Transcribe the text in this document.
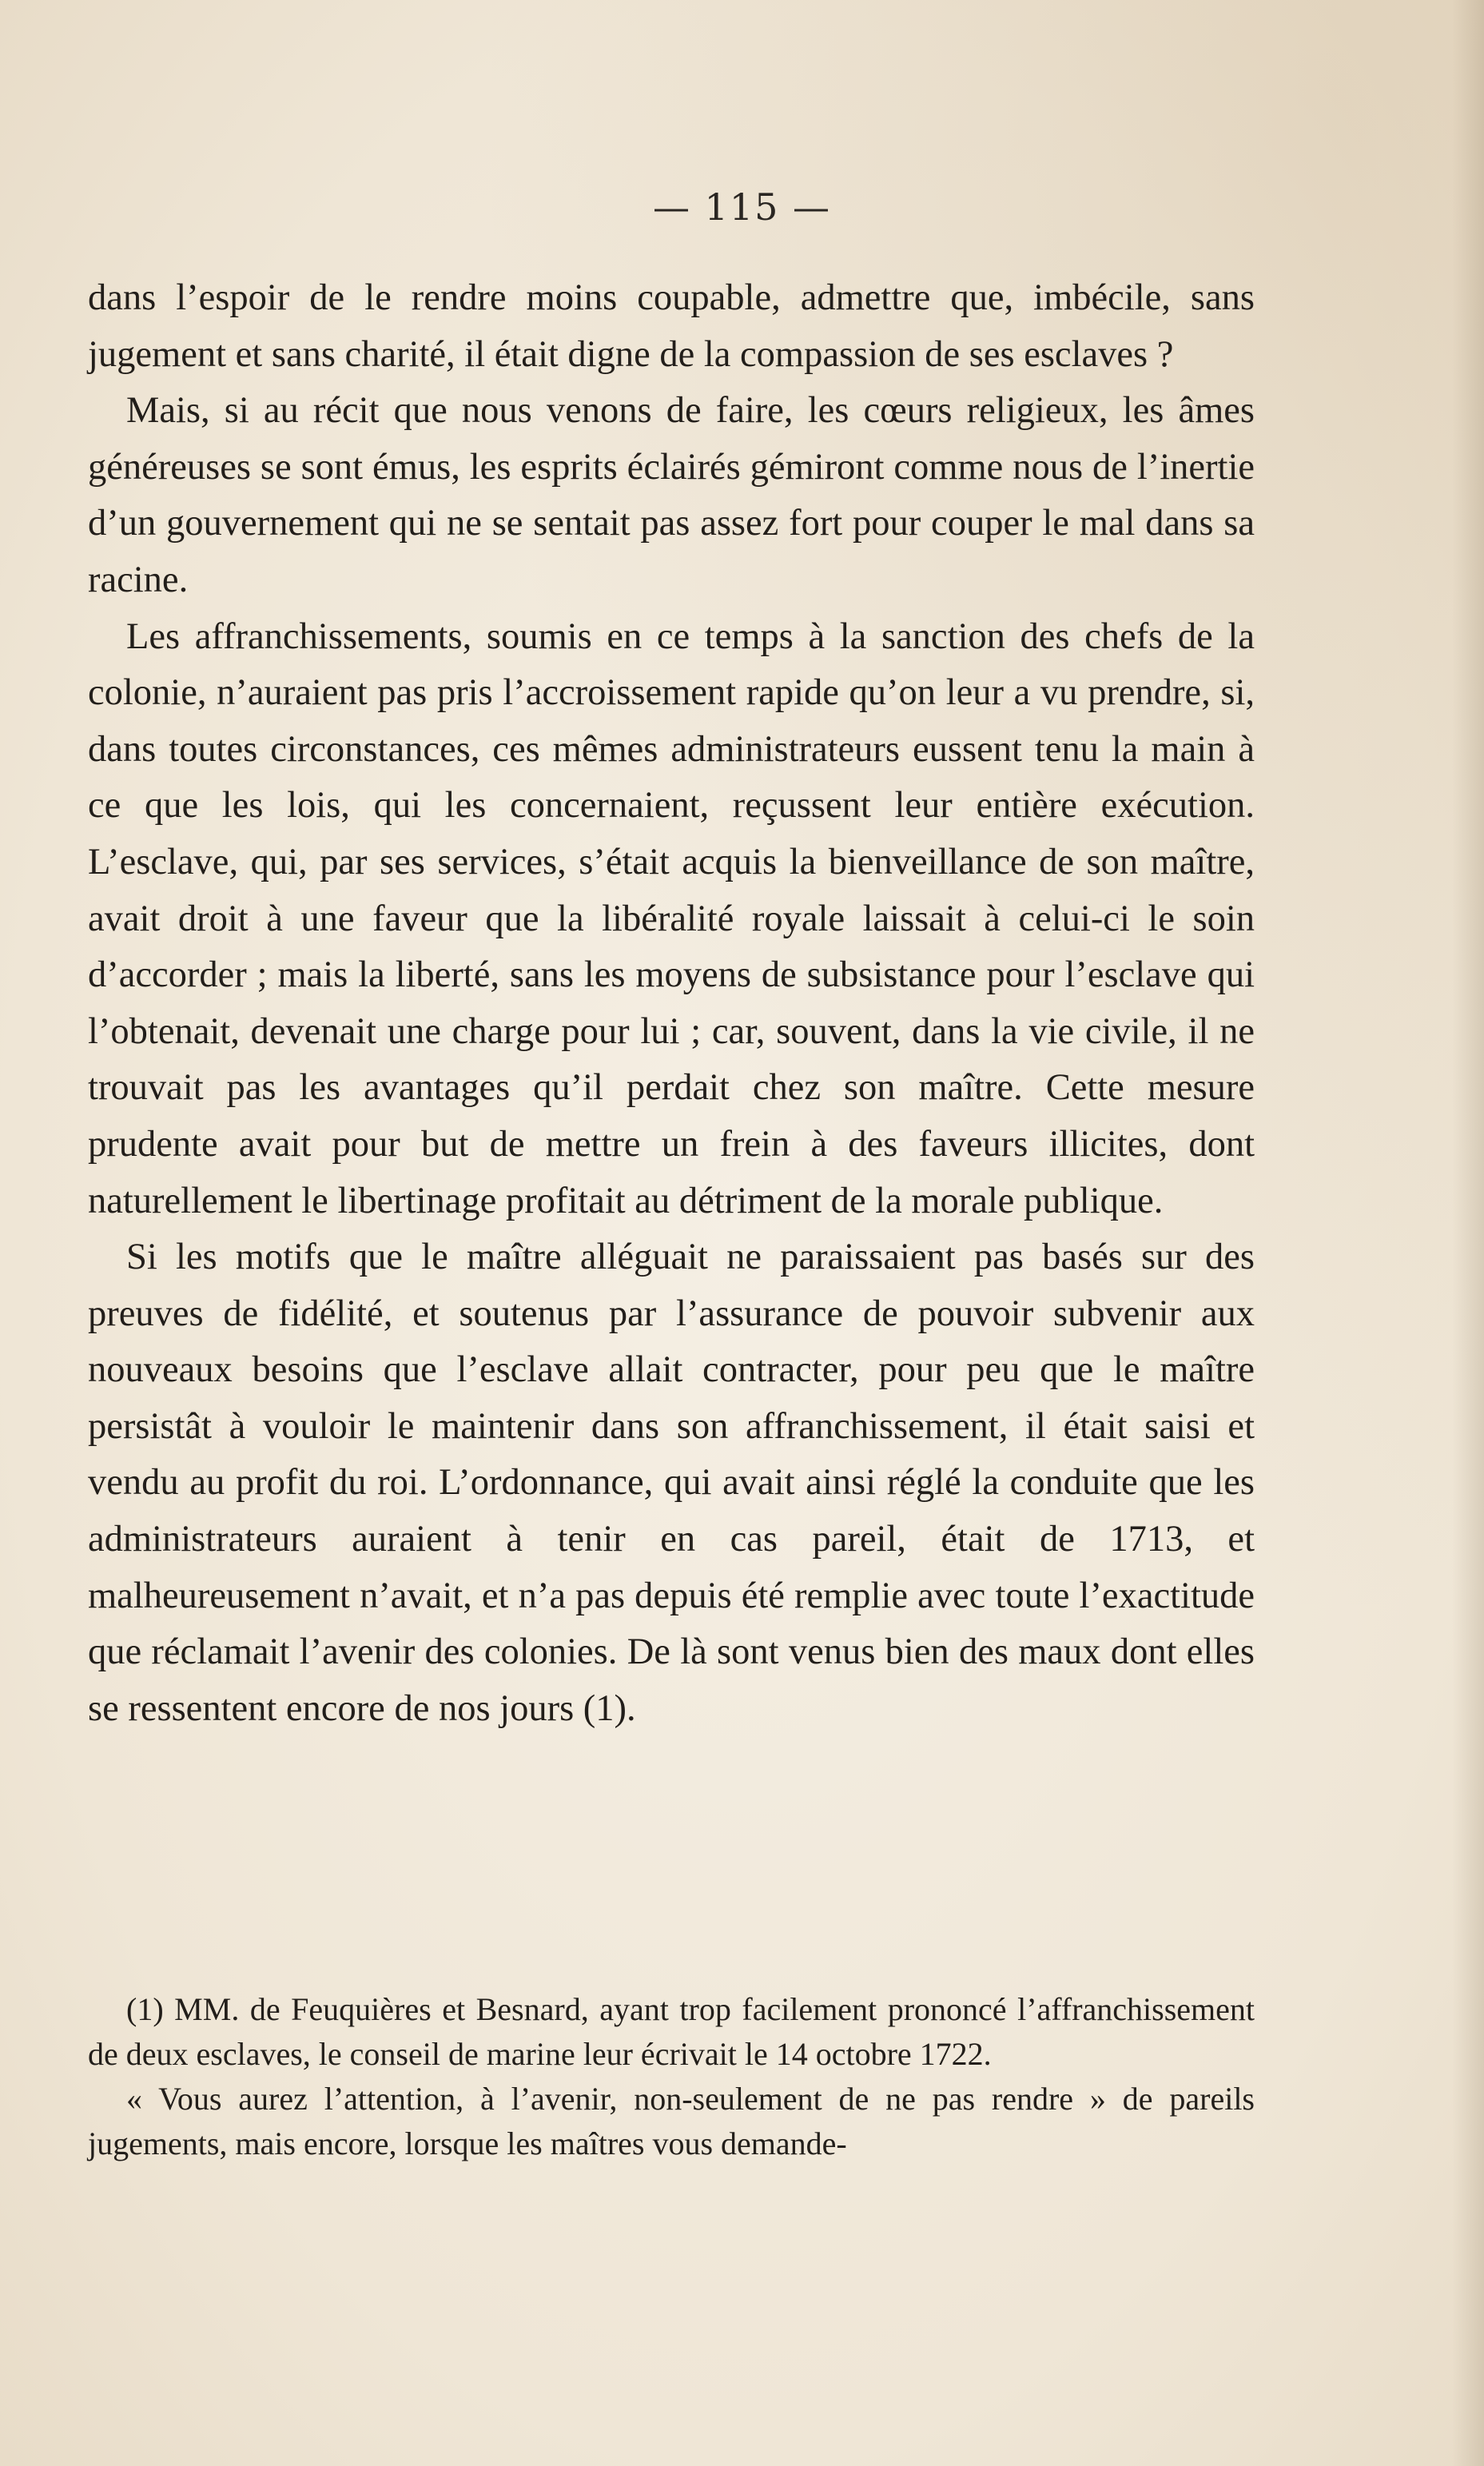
— 115 —

dans l’espoir de le rendre moins coupable, admettre que, imbécile, sans jugement et sans charité, il était digne de la compassion de ses esclaves ?

Mais, si au récit que nous venons de faire, les cœurs religieux, les âmes généreuses se sont émus, les esprits éclairés gémiront comme nous de l’inertie d’un gouvernement qui ne se sentait pas assez fort pour couper le mal dans sa racine.

Les affranchissements, soumis en ce temps à la sanction des chefs de la colonie, n’auraient pas pris l’accroissement rapide qu’on leur a vu prendre, si, dans toutes circonstances, ces mêmes administrateurs eussent tenu la main à ce que les lois, qui les concernaient, reçussent leur entière exécution. L’esclave, qui, par ses services, s’était acquis la bienveillance de son maître, avait droit à une faveur que la libéralité royale laissait à celui-ci le soin d’accorder ; mais la liberté, sans les moyens de subsistance pour l’esclave qui l’obtenait, devenait une charge pour lui ; car, souvent, dans la vie civile, il ne trouvait pas les avantages qu’il perdait chez son maître. Cette mesure prudente avait pour but de mettre un frein à des faveurs illicites, dont naturellement le libertinage profitait au détriment de la morale publique.

Si les motifs que le maître alléguait ne paraissaient pas basés sur des preuves de fidélité, et soutenus par l’assurance de pouvoir subvenir aux nouveaux besoins que l’esclave allait contracter, pour peu que le maître persistât à vouloir le maintenir dans son affranchissement, il était saisi et vendu au profit du roi. L’ordonnance, qui avait ainsi réglé la conduite que les administrateurs auraient à tenir en cas pareil, était de 1713, et malheureusement n’avait, et n’a pas depuis été remplie avec toute l’exactitude que réclamait l’avenir des colonies. De là sont venus bien des maux dont elles se ressentent encore de nos jours (1).

(1) MM. de Feuquières et Besnard, ayant trop facilement prononcé l’affranchissement de deux esclaves, le conseil de marine leur écrivait le 14 octobre 1722.

« Vous aurez l’attention, à l’avenir, non-seulement de ne pas rendre » de pareils jugements, mais encore, lorsque les maîtres vous demande-
